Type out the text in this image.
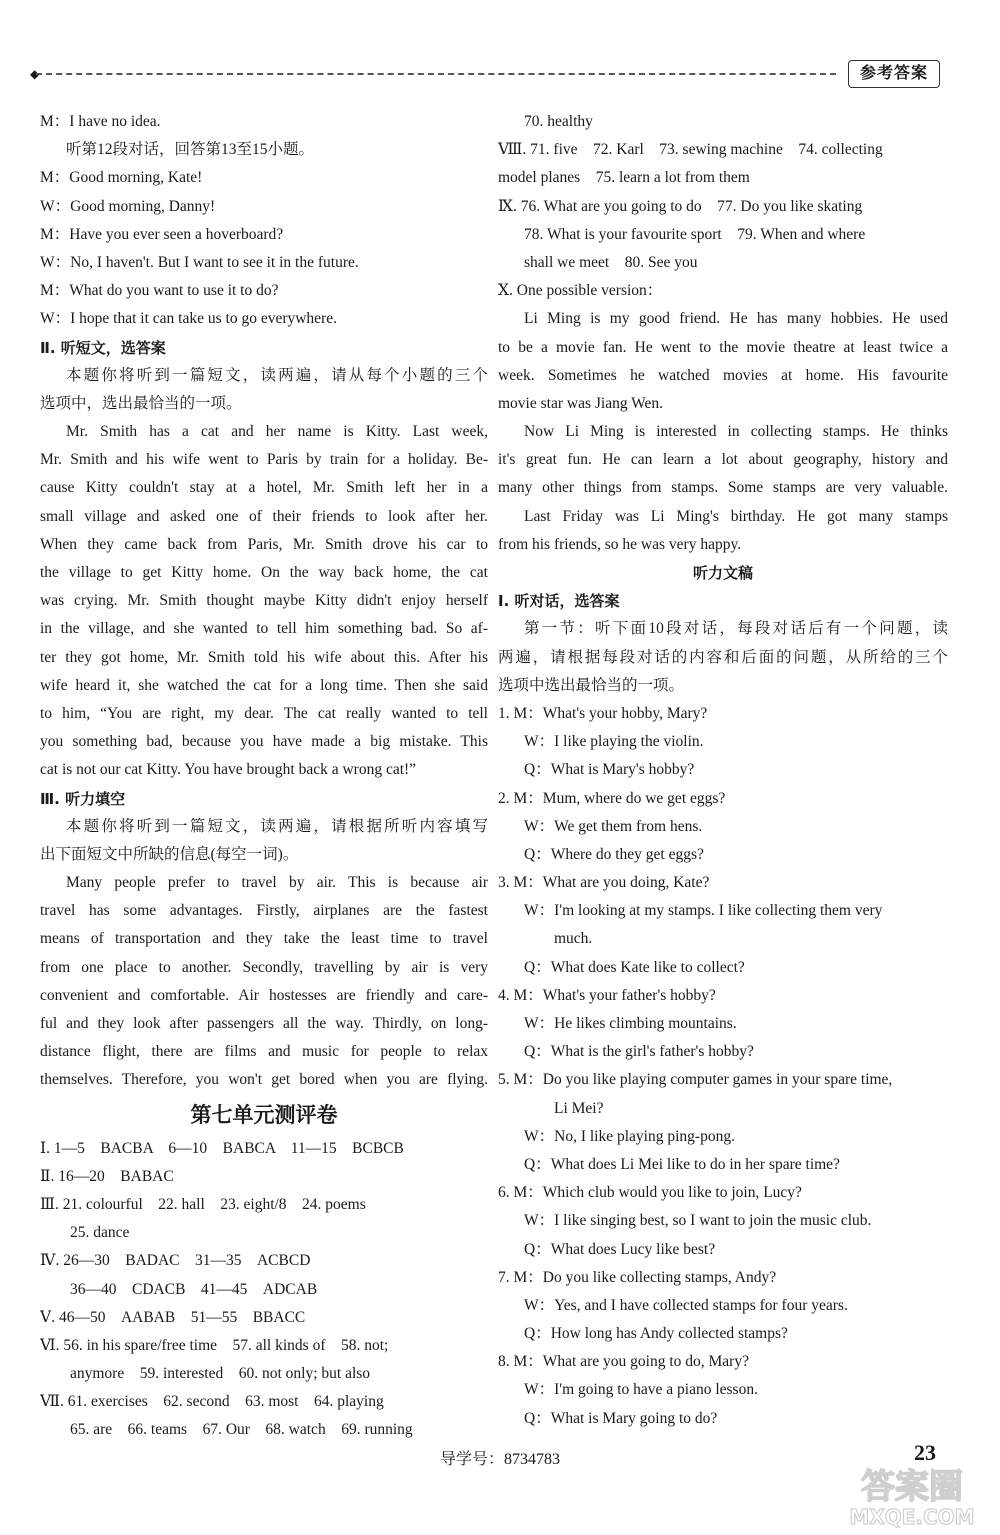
◆	参考答案
M：I have no idea.
听第12段对话，回答第13至15小题。
M：Good morning, Kate!
W：Good morning, Danny!
M：Have you ever seen a hoverboard?
W：No, I haven't. But I want to see it in the future.
M：What do you want to use it to do?
W：I hope that it can take us to go everywhere.
Ⅱ. 听短文，选答案
本题你将听到一篇短文，读两遍，请从每个小题的三个
选项中，选出最恰当的一项。
Mr. Smith has a cat and her name is Kitty. Last week,
Mr. Smith and his wife went to Paris by train for a holiday. Be-
cause Kitty couldn't stay at a hotel, Mr. Smith left her in a
small village and asked one of their friends to look after her.
When they came back from Paris, Mr. Smith drove his car to
the village to get Kitty home. On the way back home, the cat
was crying. Mr. Smith thought maybe Kitty didn't enjoy herself
in the village, and she wanted to tell him something bad. So af-
ter they got home, Mr. Smith told his wife about this. After his
wife heard it, she watched the cat for a long time. Then she said
to him, “You are right, my dear. The cat really wanted to tell
you something bad, because you have made a big mistake. This
cat is not our cat Kitty. You have brought back a wrong cat!”
Ⅲ. 听力填空
本题你将听到一篇短文，读两遍，请根据所听内容填写
出下面短文中所缺的信息(每空一词)。
Many people prefer to travel by air. This is because air
travel has some advantages. Firstly, airplanes are the fastest
means of transportation and they take the least time to travel
from one place to another. Secondly, travelling by air is very
convenient and comfortable. Air hostesses are friendly and care-
ful and they look after passengers all the way. Thirdly, on long-
distance flight, there are films and music for people to relax
themselves. Therefore, you won't get bored when you are flying.
第七单元测评卷
Ⅰ. 1—5　BACBA　6—10　BABCA　11—15　BCBCB
Ⅱ. 16—20　BABAC
Ⅲ. 21. colourful　22. hall　23. eight/8　24. poems
25. dance
Ⅳ. 26—30　BADAC　31—35　ACBCD
36—40　CDACB　41—45　ADCAB
Ⅴ. 46—50　AABAB　51—55　BBACC
Ⅵ. 56. in his spare/free time　57. all kinds of　58. not;
anymore　59. interested　60. not only; but also
Ⅶ. 61. exercises　62. second　63. most　64. playing
65. are　66. teams　67. Our　68. watch　69. running
70. healthy
Ⅷ. 71. five　72. Karl　73. sewing machine　74. collecting
model planes　75. learn a lot from them
Ⅸ. 76. What are you going to do　77. Do you like skating
78. What is your favourite sport　79. When and where
shall we meet　80. See you
Ⅹ. One possible version：
Li Ming is my good friend. He has many hobbies. He used
to be a movie fan. He went to the movie theatre at least twice a
week. Sometimes he watched movies at home. His favourite
movie star was Jiang Wen.
Now Li Ming is interested in collecting stamps. He thinks
it's great fun. He can learn a lot about geography, history and
many other things from stamps. Some stamps are very valuable.
Last Friday was Li Ming's birthday. He got many stamps
from his friends, so he was very happy.
听力文稿
Ⅰ. 听对话，选答案
第一节：听下面10段对话，每段对话后有一个问题，读
两遍，请根据每段对话的内容和后面的问题，从所给的三个
选项中选出最恰当的一项。
1. M：What's your hobby, Mary?
W：I like playing the violin.
Q：What is Mary's hobby?
2. M：Mum, where do we get eggs?
W：We get them from hens.
Q：Where do they get eggs?
3. M：What are you doing, Kate?
W：I'm looking at my stamps. I like collecting them very
much.
Q：What does Kate like to collect?
4. M：What's your father's hobby?
W：He likes climbing mountains.
Q：What is the girl's father's hobby?
5. M：Do you like playing computer games in your spare time,
Li Mei?
W：No, I like playing ping-pong.
Q：What does Li Mei like to do in her spare time?
6. M：Which club would you like to join, Lucy?
W：I like singing best, so I want to join the music club.
Q：What does Lucy like best?
7. M：Do you like collecting stamps, Andy?
W：Yes, and I have collected stamps for four years.
Q：How long has Andy collected stamps?
8. M：What are you going to do, Mary?
W：I'm going to have a piano lesson.
Q：What is Mary going to do?
导学号：8734783	23
答案圈
MXQE.COM
